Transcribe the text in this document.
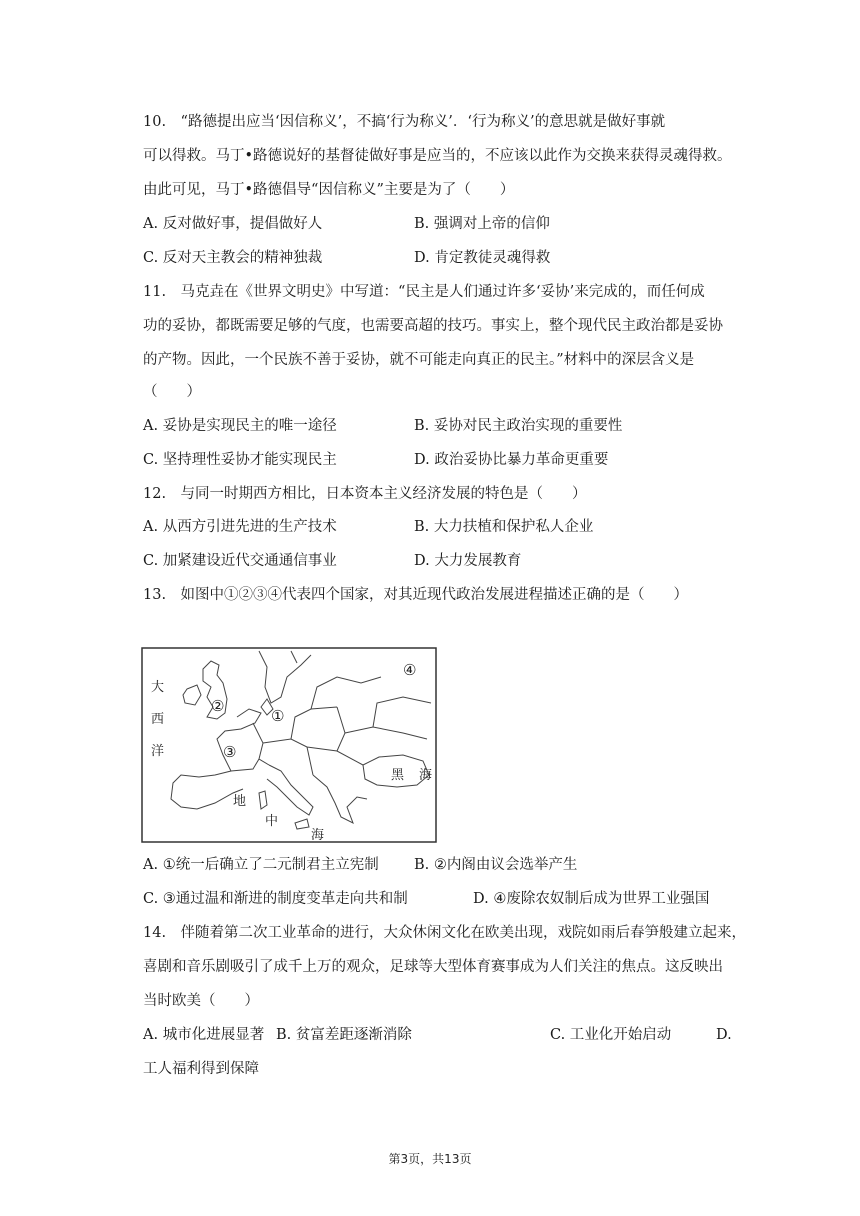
10.　“路德提出应当‘因信称义’，不搞‘行为称义’．‘行为称义’的意思就是做好事就
可以得救。马丁•路德说好的基督徒做好事是应当的，不应该以此作为交换来获得灵魂得救。
由此可见，马丁•路德倡导“因信称义”主要是为了（　　）
A. 反对做好事，提倡做好人	B. 强调对上帝的信仰
C. 反对天主教会的精神独裁	D. 肯定教徒灵魂得救
11.　马克垚在《世界文明史》中写道：“民主是人们通过许多‘妥协’来完成的，而任何成
功的妥协，都既需要足够的气度，也需要高超的技巧。事实上，整个现代民主政治都是妥协
的产物。因此，一个民族不善于妥协，就不可能走向真正的民主。”材料中的深层含义是
（　　）
A. 妥协是实现民主的唯一途径	B. 妥协对民主政治实现的重要性
C. 坚持理性妥协才能实现民主	D. 政治妥协比暴力革命更重要
12.　与同一时期西方相比，日本资本主义经济发展的特色是（　　）
A. 从西方引进先进的生产技术	B. 大力扶植和保护私人企业
C. 加紧建设近代交通通信事业	D. 大力发展教育
13.　如图中①②③④代表四个国家，对其近现代政治发展进程描述正确的是（　　）
大
西
洋
黑 海
地
中
海
①
②
③
④
A. ①统一后确立了二元制君主立宪制 B. ②内阁由议会选举产生
C. ③通过温和渐进的制度变革走向共和制	D. ④废除农奴制后成为世界工业强国
14.　伴随着第二次工业革命的进行，大众休闲文化在欧美出现，戏院如雨后春笋般建立起来，
喜剧和音乐剧吸引了成千上万的观众，足球等大型体育赛事成为人们关注的焦点。这反映出
当时欧美（　　）
A. 城市化进展显著 B. 贫富差距逐渐消除	C. 工业化开始启动	D.
工人福利得到保障
第3页，共13页
